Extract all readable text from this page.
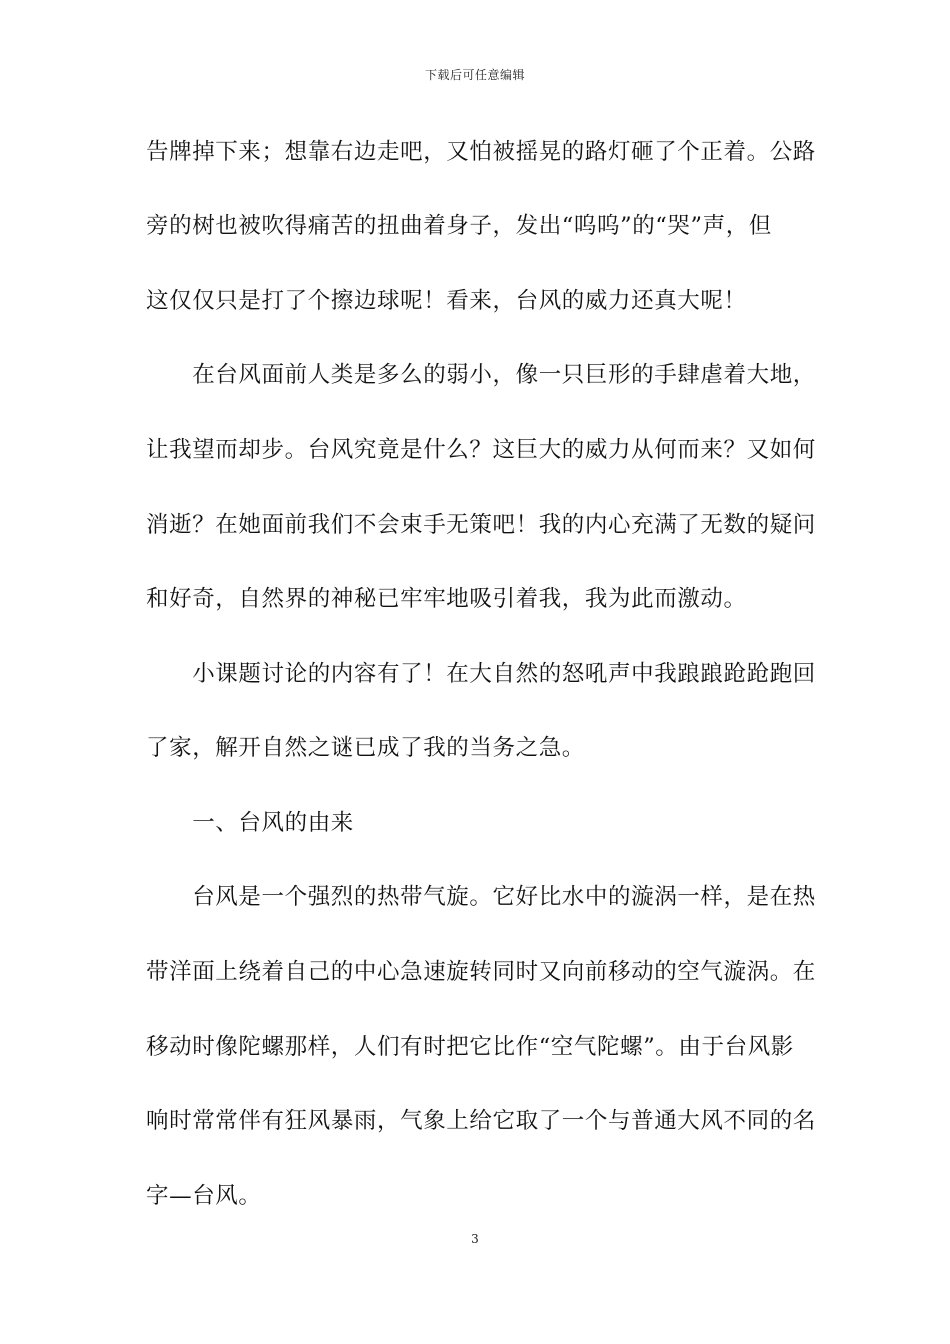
下载后可任意编辑
告牌掉下来；想靠右边走吧，又怕被摇晃的路灯砸了个正着。公路
旁的树也被吹得痛苦的扭曲着身子，发出“呜呜”的“哭”声，但
这仅仅只是打了个擦边球呢！看来，台风的威力还真大呢！
　　在台风面前人类是多么的弱小，像一只巨形的手肆虐着大地，
让我望而却步。台风究竟是什么？这巨大的威力从何而来？又如何
消逝？在她面前我们不会束手无策吧！我的内心充满了无数的疑问
和好奇，自然界的神秘已牢牢地吸引着我，我为此而激动。
　　小课题讨论的内容有了！在大自然的怒吼声中我踉踉跄跄跑回
了家，解开自然之谜已成了我的当务之急。
　　一、台风的由来
　　台风是一个强烈的热带气旋。它好比水中的漩涡一样，是在热
带洋面上绕着自己的中心急速旋转同时又向前移动的空气漩涡。在
移动时像陀螺那样，人们有时把它比作“空气陀螺”。由于台风影
响时常常伴有狂风暴雨，气象上给它取了一个与普通大风不同的名
字—台风。
3
